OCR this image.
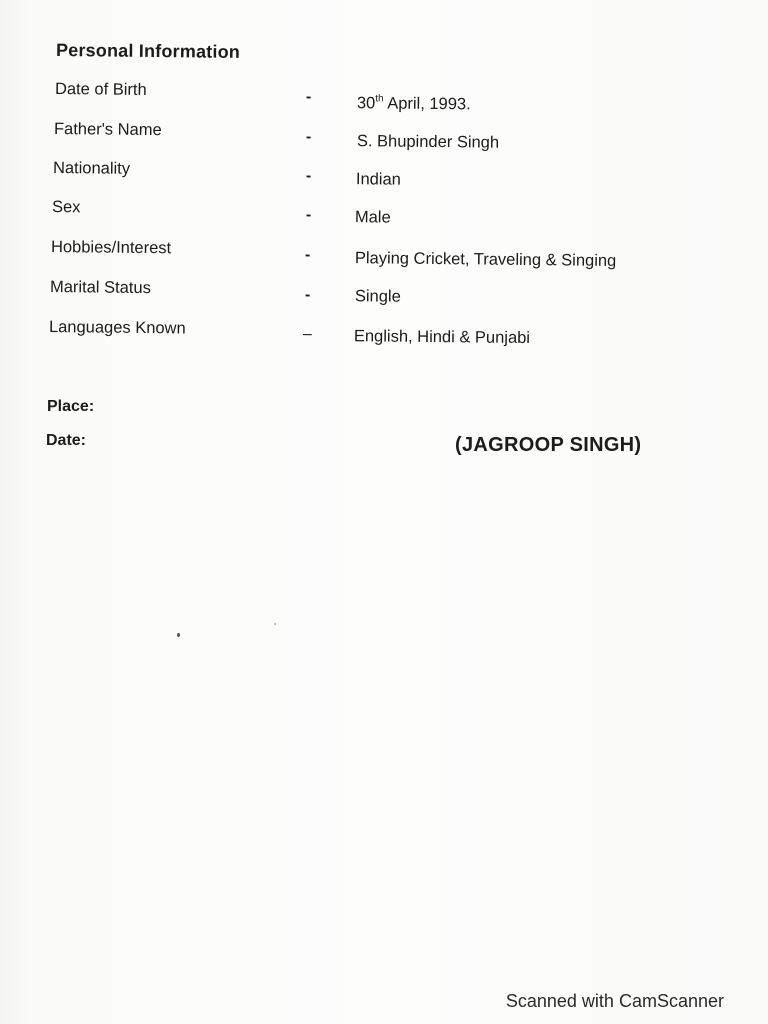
Personal Information
Date of Birth	-	30th April, 1993.
Father's Name	-	S. Bhupinder Singh
Nationality	-	Indian
Sex	-	Male
Hobbies/Interest	-	Playing Cricket, Traveling & Singing
Marital Status	-	Single
Languages Known	–	English, Hindi & Punjabi
Place:
Date:	(JAGROOP SINGH)
Scanned with CamScanner
